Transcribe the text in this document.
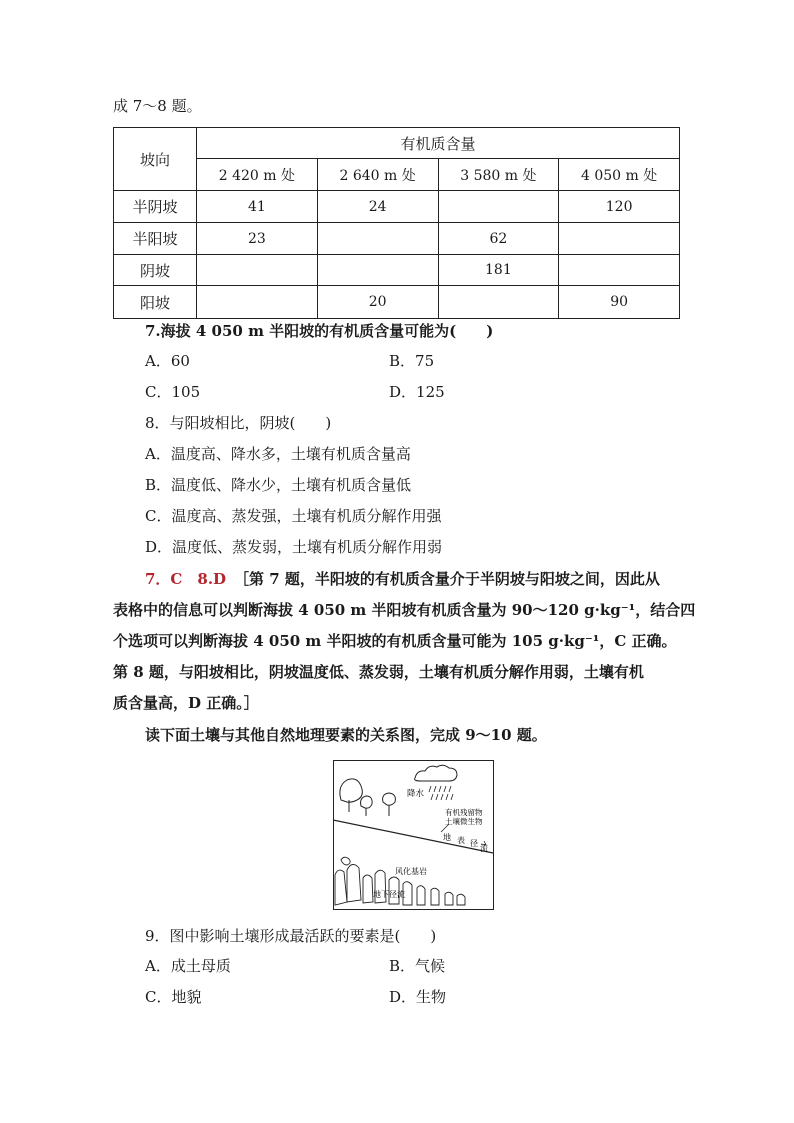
成 7～8 题。
坡向	有机质含量			
	2 420 m 处	2 640 m 处	3 580 m 处	4 050 m 处
半阴坡	41	24		120
半阳坡	23		62	
阴坡			181	
阳坡		20		90
7.海拔 4 050 m 半阳坡的有机质含量可能为(　　)
A．60	B．75
C．105	D．125
8．与阳坡相比，阴坡(　　)
A．温度高、降水多，土壤有机质含量高
B．温度低、降水少，土壤有机质含量低
C．温度高、蒸发强，土壤有机质分解作用强
D．温度低、蒸发弱，土壤有机质分解作用弱
7．C　8.D ［第 7 题，半阳坡的有机质含量介于半阴坡与阳坡之间，因此从
表格中的信息可以判断海拔 4 050 m 半阳坡有机质含量为 90～120 g·kg⁻¹，结合四
个选项可以判断海拔 4 050 m 半阳坡的有机质含量可能为 105 g·kg⁻¹，C 正确。
第 8 题，与阳坡相比，阴坡温度低、蒸发弱，土壤有机质分解作用弱，土壤有机
质含量高，D 正确。］
读下面土壤与其他自然地理要素的关系图，完成 9～10 题。
降水
有机残留物
土壤微生物
地 表 径
流
风化基岩
地下径流
9．图中影响土壤形成最活跃的要素是(　　)
A．成土母质	B．气候
C．地貌	D．生物
